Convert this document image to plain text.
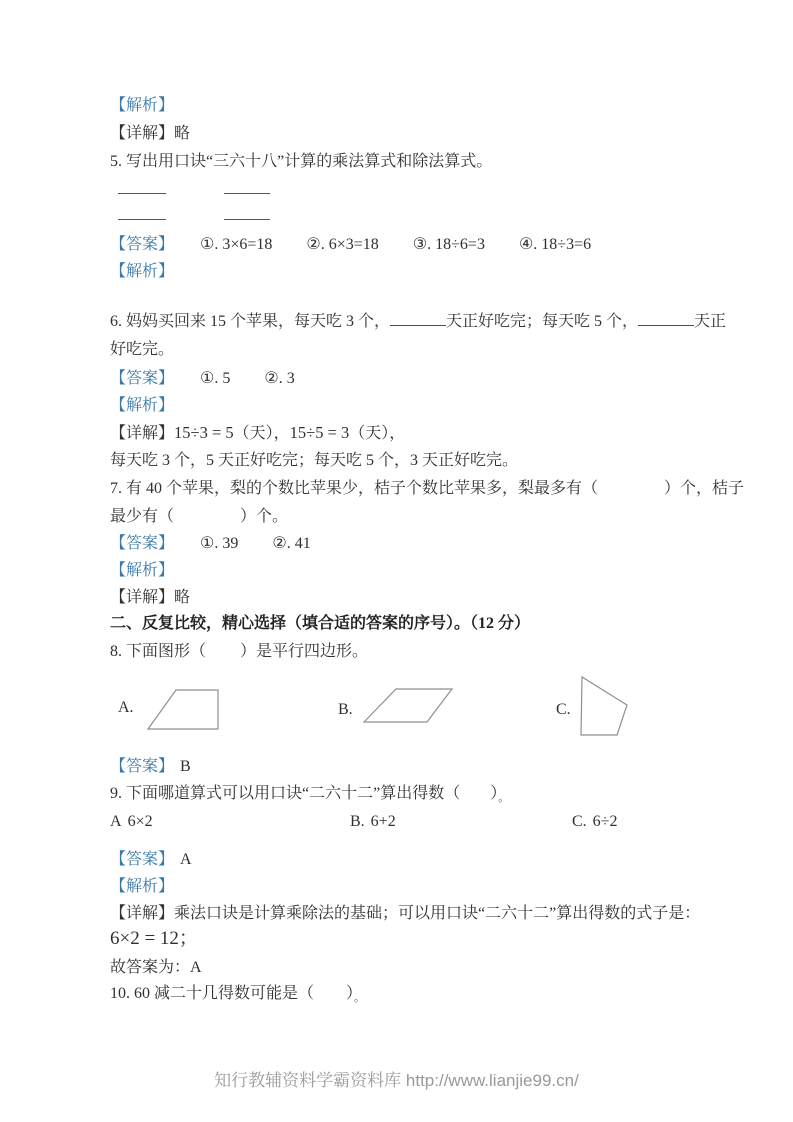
【解析】
【详解】略
5. 写出用口诀“三六十八”计算的乘法算式和除法算式。
【答案】 ①. 3×6=18 ②. 6×3=18 ③. 18÷6=3 ④. 18÷3=6
【解析】
6. 妈妈买回来 15 个苹果，每天吃 3 个，	天正好吃完；每天吃 5 个，	天正
好吃完。
【答案】 ①. 5 ②. 3
【解析】
【详解】15÷3 = 5（天），15÷5 = 3（天），
每天吃 3 个，5 天正好吃完；每天吃 5 个，3 天正好吃完。
7. 有 40 个苹果，梨的个数比苹果少，桔子个数比苹果多，梨最多有（	）个，桔子
最少有（	）个。
【答案】 ①. 39 ②. 41
【解析】
【详解】略
二、反复比较，精心选择（填合适的答案的序号）。（12 分）
8. 下面图形（ ）是平行四边形。
A.	B.	C.
【答案】 B
9. 下面哪道算式可以用口诀“二六十二”算出得数（ ）。
A 6×2	B. 6+2	C. 6÷2
【答案】 A
【解析】
【详解】乘法口诀是计算乘除法的基础；可以用口诀“二六十二”算出得数的式子是：
6×2 = 12；
故答案为：A
10. 60 减二十几得数可能是（ ）。
知行教辅资料学霸资料库 http://www.lianjie99.cn/
